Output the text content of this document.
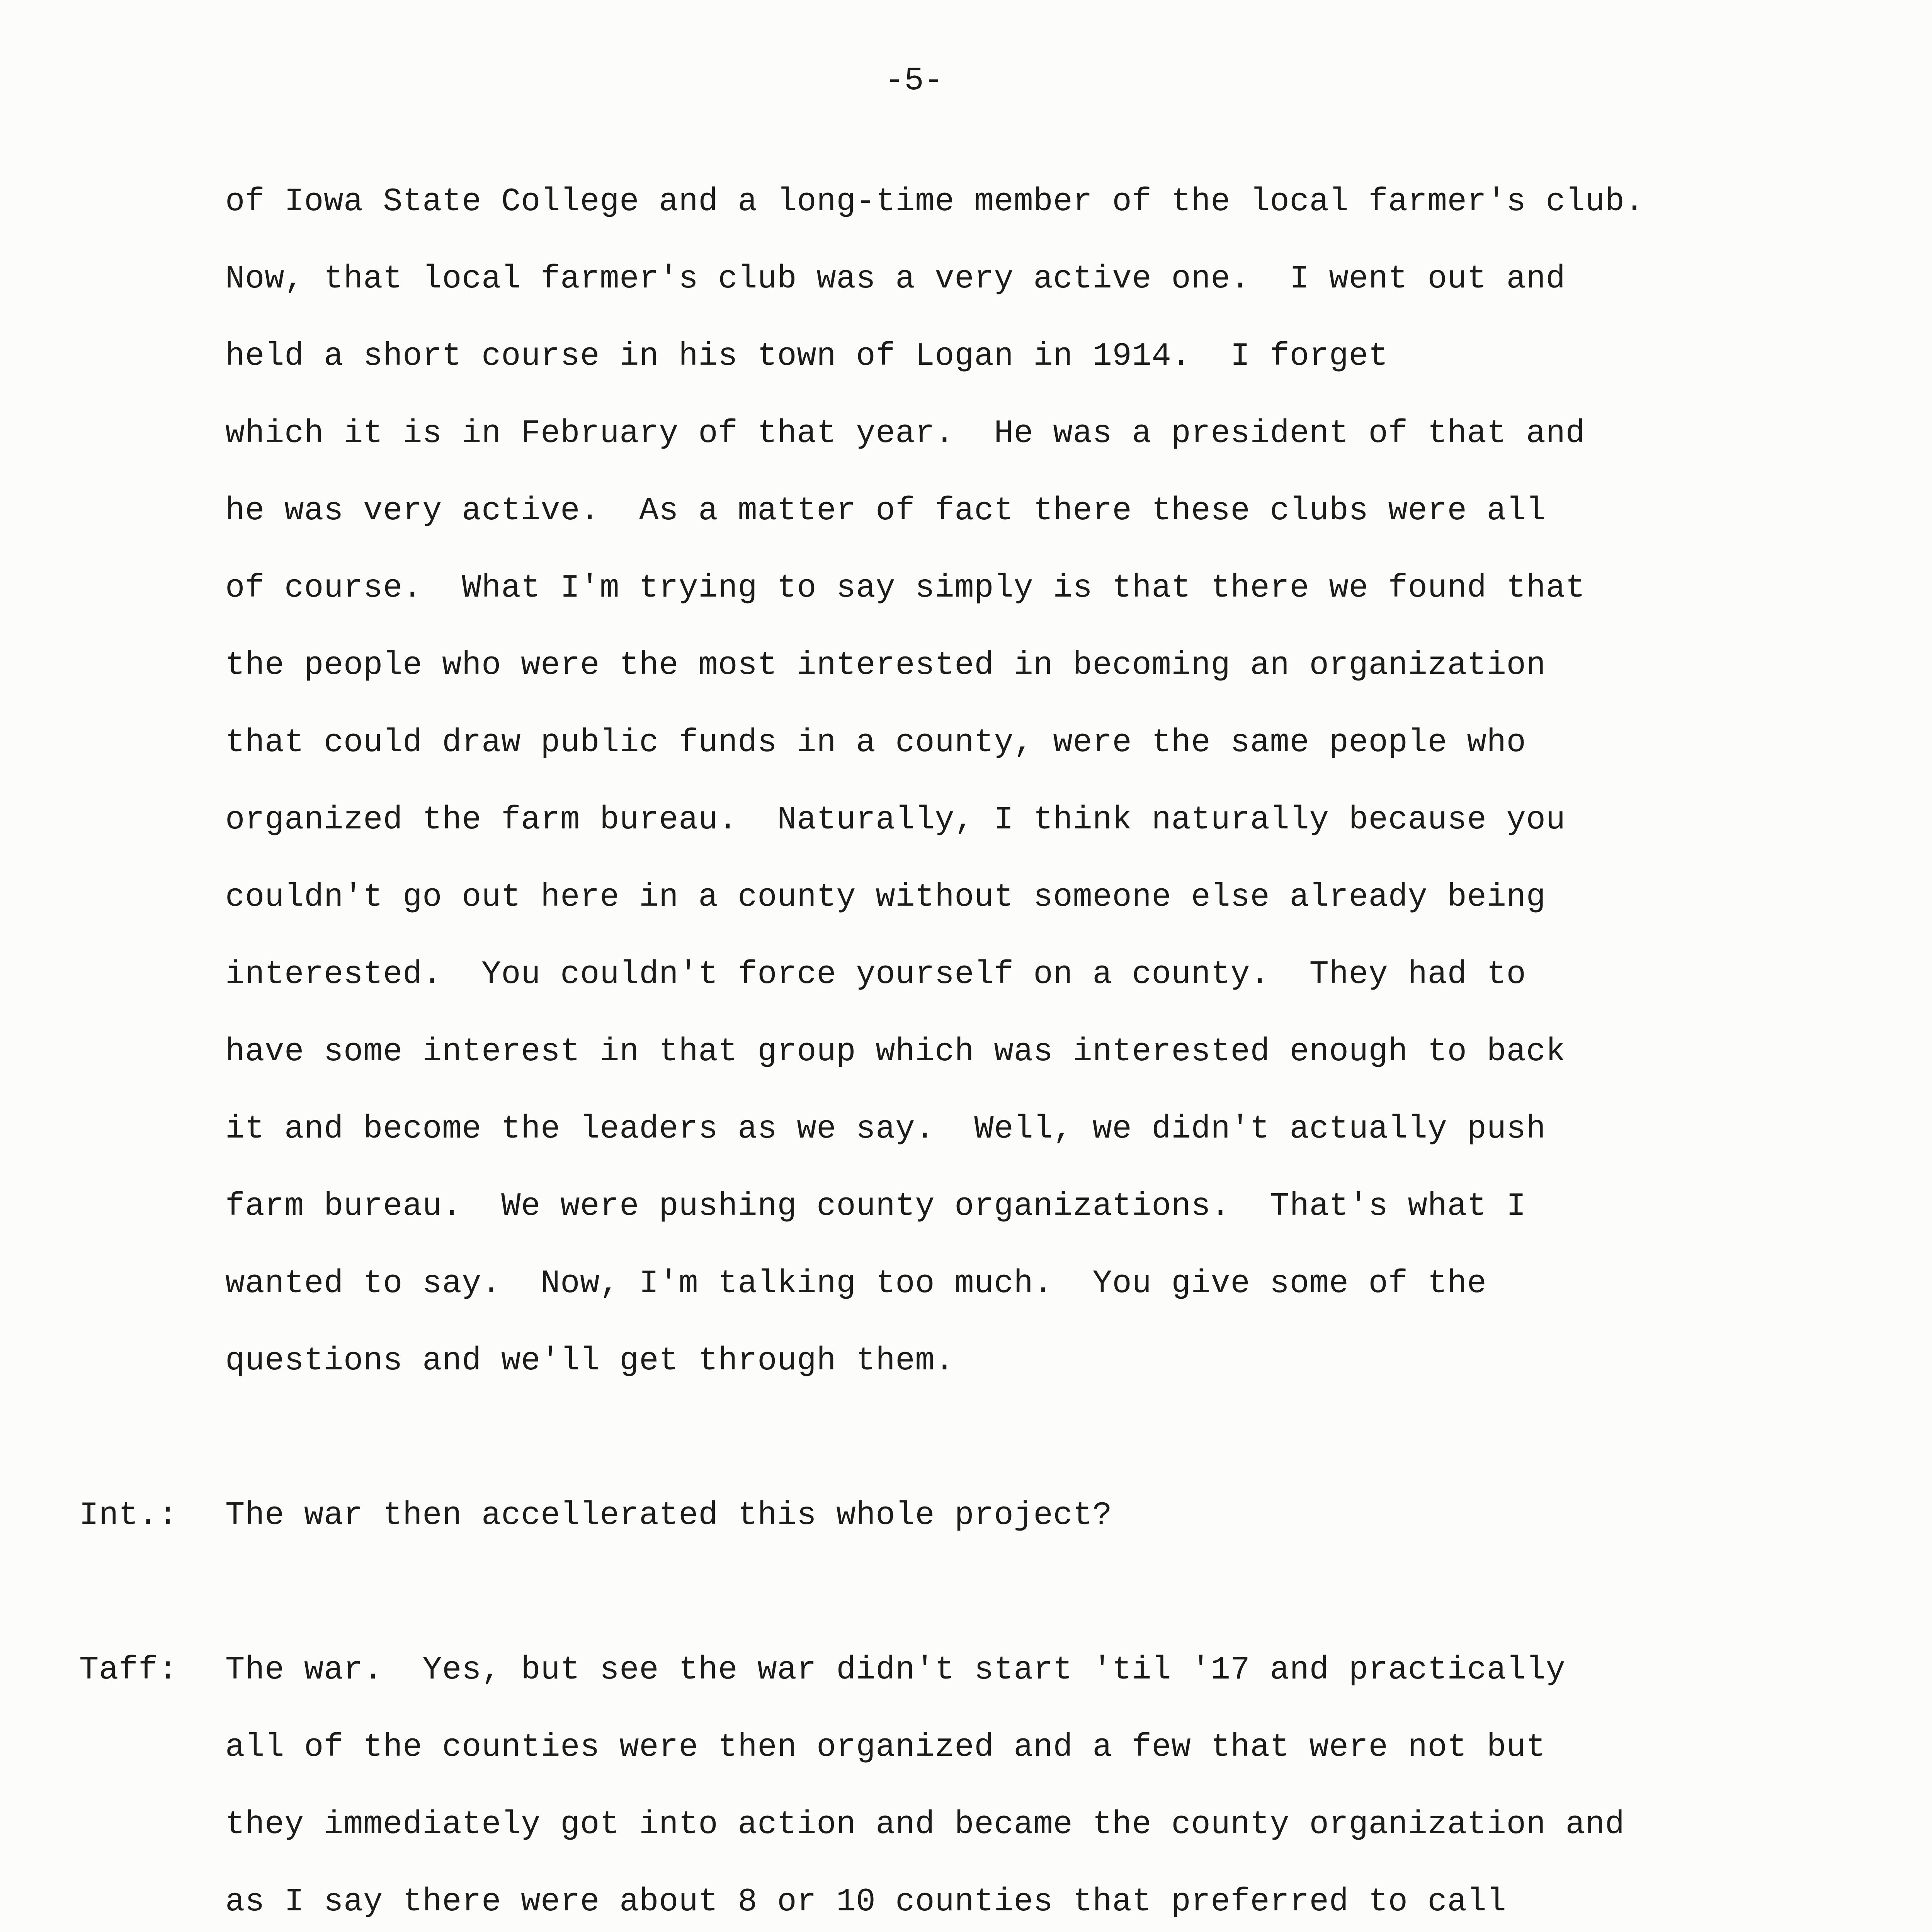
-5-
of Iowa State College and a long-time member of the local farmer's club.
Now, that local farmer's club was a very active one.  I went out and
held a short course in his town of Logan in 1914.  I forget
which it is in February of that year.  He was a president of that and
he was very active.  As a matter of fact there these clubs were all
of course.  What I'm trying to say simply is that there we found that
the people who were the most interested in becoming an organization
that could draw public funds in a county, were the same people who
organized the farm bureau.  Naturally, I think naturally because you
couldn't go out here in a county without someone else already being
interested.  You couldn't force yourself on a county.  They had to
have some interest in that group which was interested enough to back
it and become the leaders as we say.  Well, we didn't actually push
farm bureau.  We were pushing county organizations.  That's what I
wanted to say.  Now, I'm talking too much.  You give some of the
questions and we'll get through them.
Int.: The war then accellerated this whole project?
Taff: The war.  Yes, but see the war didn't start 'til '17 and practically
all of the counties were then organized and a few that were not but
they immediately got into action and became the county organization and
as I say there were about 8 or 10 counties that preferred to call
